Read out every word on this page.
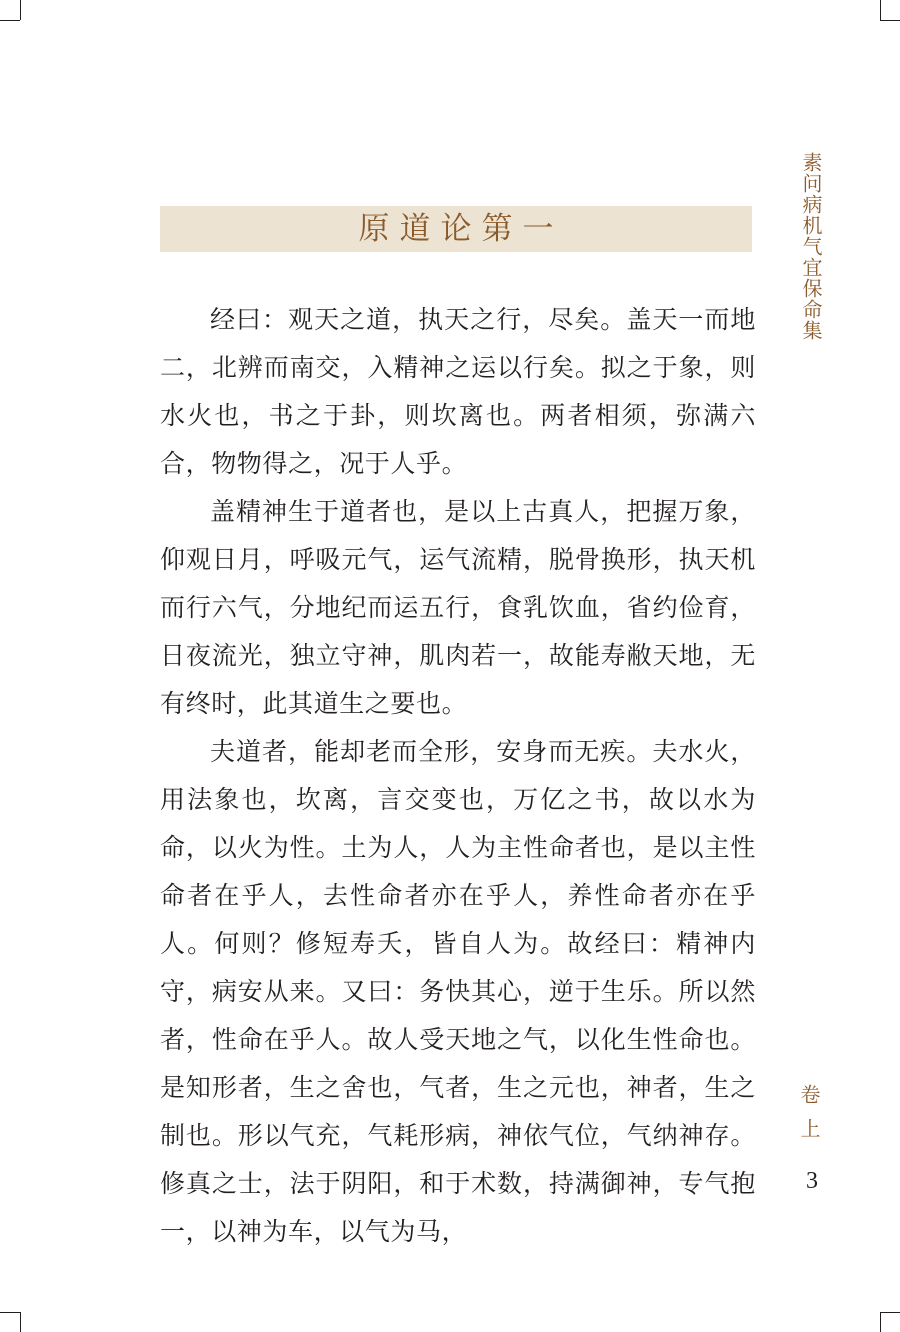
原道论第一

经曰：观天之道，执天之行，尽矣。盖天一而地二，北辨而南交，入精神之运以行矣。拟之于象，则水火也，书之于卦，则坎离也。两者相须，弥满六合，物物得之，况于人乎。

盖精神生于道者也，是以上古真人，把握万象，仰观日月，呼吸元气，运气流精，脱骨换形，执天机而行六气，分地纪而运五行，食乳饮血，省约俭育，日夜流光，独立守神，肌肉若一，故能寿敝天地，无有终时，此其道生之要也。

夫道者，能却老而全形，安身而无疾。夫水火，用法象也，坎离，言交变也，万亿之书，故以水为命，以火为性。土为人，人为主性命者也，是以主性命者在乎人，去性命者亦在乎人，养性命者亦在乎人。何则？修短寿夭，皆自人为。故经曰：精神内守，病安从来。又曰：务快其心，逆于生乐。所以然者，性命在乎人。故人受天地之气，以化生性命也。是知形者，生之舍也，气者，生之元也，神者，生之制也。形以气充，气耗形病，神依气位，气纳神存。修真之士，法于阴阳，和于术数，持满御神，专气抱一，以神为车，以气为马，

素问病机气宜保命集
卷上
3
